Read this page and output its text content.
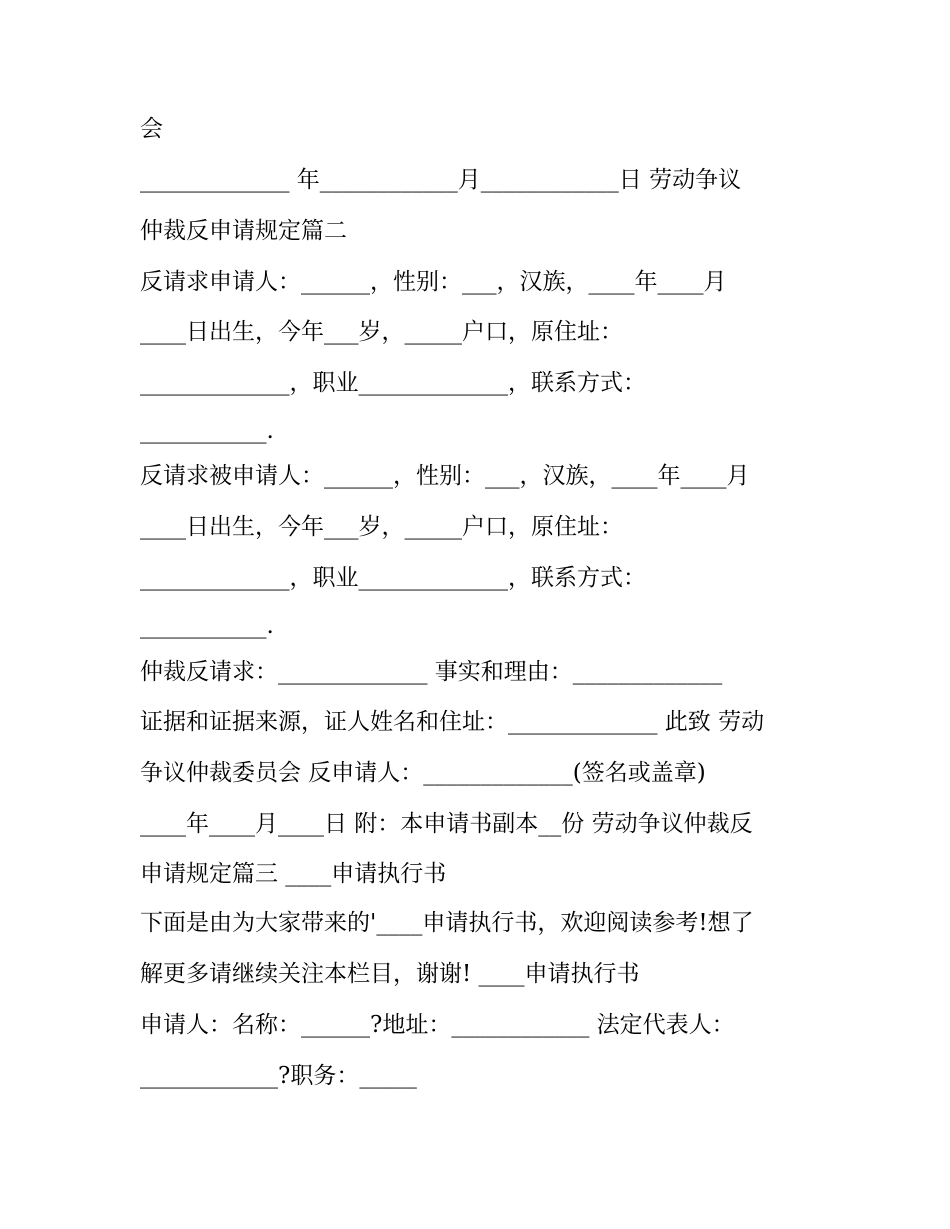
会
_____________ 年____________月____________日 劳动争议
仲裁反申请规定篇二
反请求申请人：______，性别：___，汉族，____年____月
____日出生，今年___岁，_____户口，原住址：
_____________，职业_____________，联系方式：
___________.
反请求被申请人：______，性别：___，汉族，____年____月
____日出生，今年___岁，_____户口，原住址：
_____________，职业_____________，联系方式：
___________.
仲裁反请求：_____________ 事实和理由：_____________
证据和证据来源，证人姓名和住址：_____________ 此致 劳动
争议仲裁委员会 反申请人：_____________(签名或盖章)
____年____月____日 附：本申请书副本__份 劳动争议仲裁反
申请规定篇三 ____申请执行书
下面是由为大家带来的'____申请执行书，欢迎阅读参考!想了
解更多请继续关注本栏目，谢谢! ____申请执行书
申请人：名称：______?地址：____________ 法定代表人：
____________?职务：_____
